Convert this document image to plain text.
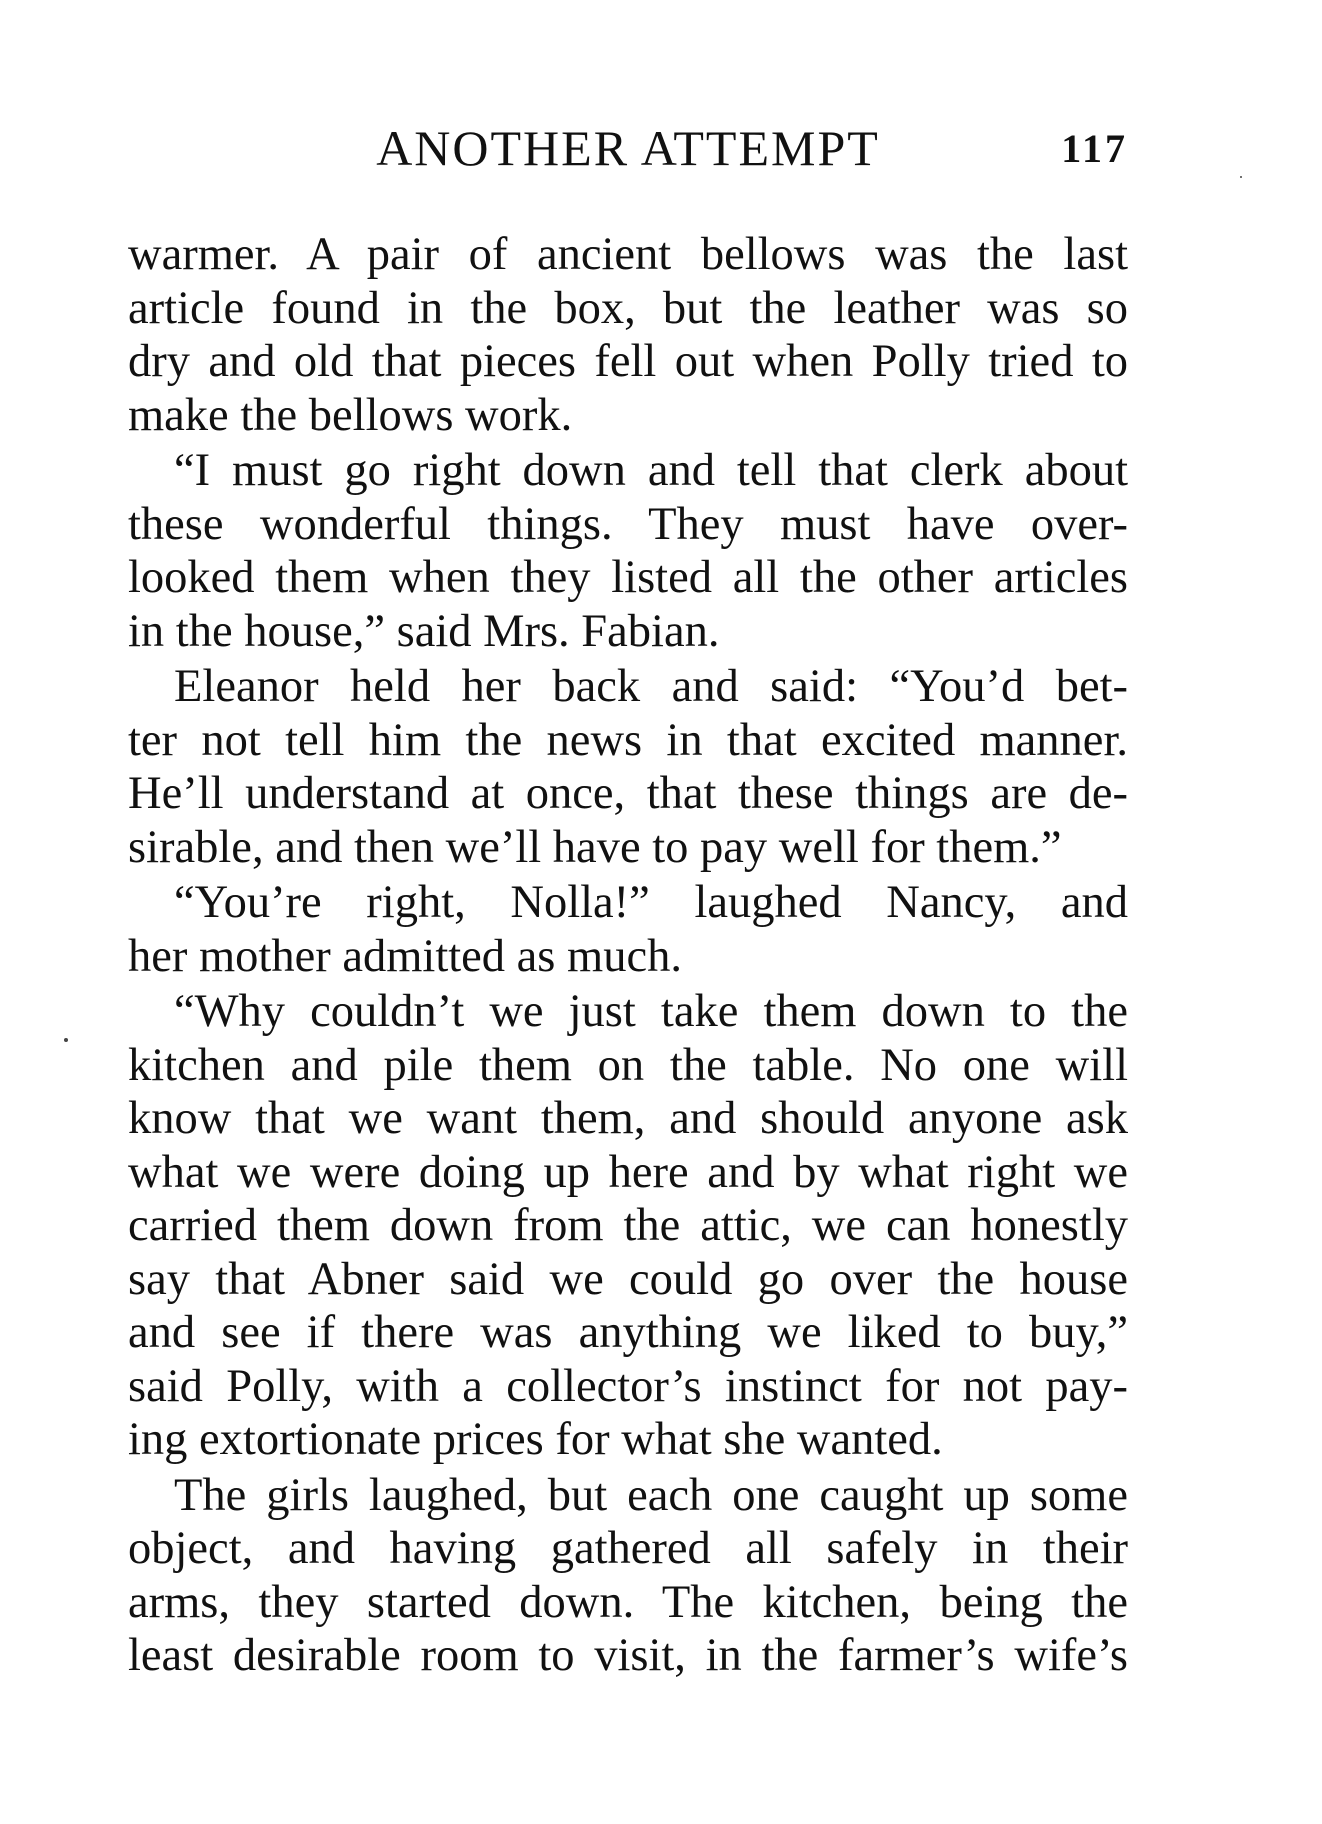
ANOTHER ATTEMPT	117
warmer. A pair of ancient bellows was the last
article found in the box, but the leather was so
dry and old that pieces fell out when Polly tried to
make the bellows work.
“I must go right down and tell that clerk about
these wonderful things. They must have over-
looked them when they listed all the other articles
in the house,” said Mrs. Fabian.
Eleanor held her back and said: “You’d bet-
ter not tell him the news in that excited manner.
He’ll understand at once, that these things are de-
sirable, and then we’ll have to pay well for them.”
“You’re right, Nolla!” laughed Nancy, and
her mother admitted as much.
“Why couldn’t we just take them down to the
kitchen and pile them on the table. No one will
know that we want them, and should anyone ask
what we were doing up here and by what right we
carried them down from the attic, we can honestly
say that Abner said we could go over the house
and see if there was anything we liked to buy,”
said Polly, with a collector’s instinct for not pay-
ing extortionate prices for what she wanted.
The girls laughed, but each one caught up some
object, and having gathered all safely in their
arms, they started down. The kitchen, being the
least desirable room to visit, in the farmer’s wife’s
